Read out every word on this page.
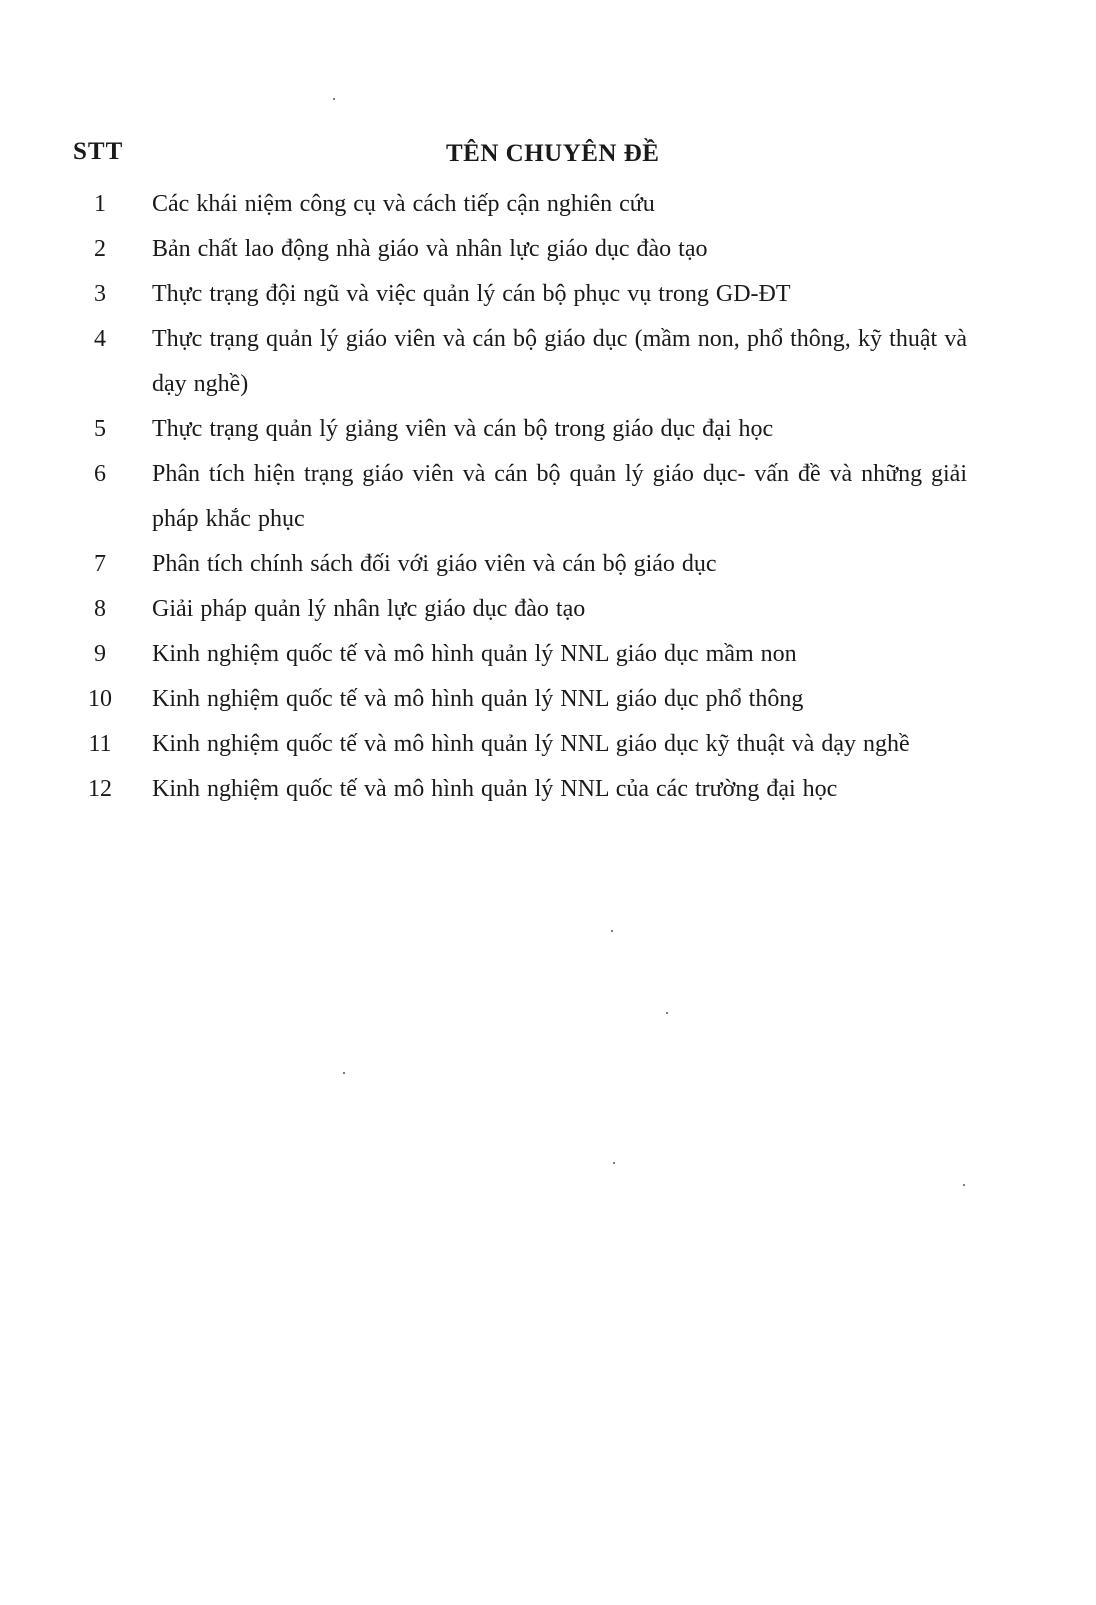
STT	TÊN CHUYÊN ĐỀ
1	Các khái niệm công cụ và cách tiếp cận nghiên cứu
2	Bản chất lao động nhà giáo và nhân lực giáo dục đào tạo
3	Thực trạng đội ngũ và việc quản lý cán bộ phục vụ trong GD-ĐT
4	Thực trạng quản lý giáo viên và cán bộ giáo dục (mầm non, phổ thông, kỹ thuật và dạy nghề)
5	Thực trạng quản lý giảng viên và cán bộ trong giáo dục đại học
6	Phân tích hiện trạng giáo viên và cán bộ quản lý giáo dục- vấn đề và những giải pháp khắc phục
7	Phân tích chính sách đối với giáo viên và cán bộ giáo dục
8	Giải pháp quản lý nhân lực giáo dục đào tạo
9	Kinh nghiệm quốc tế và mô hình quản lý NNL giáo dục mầm non
10	Kinh nghiệm quốc tế và mô hình quản lý NNL giáo dục phổ thông
11	Kinh nghiệm quốc tế và mô hình quản lý NNL giáo dục kỹ thuật và dạy nghề
12	Kinh nghiệm quốc tế và mô hình quản lý NNL của các trường đại học
